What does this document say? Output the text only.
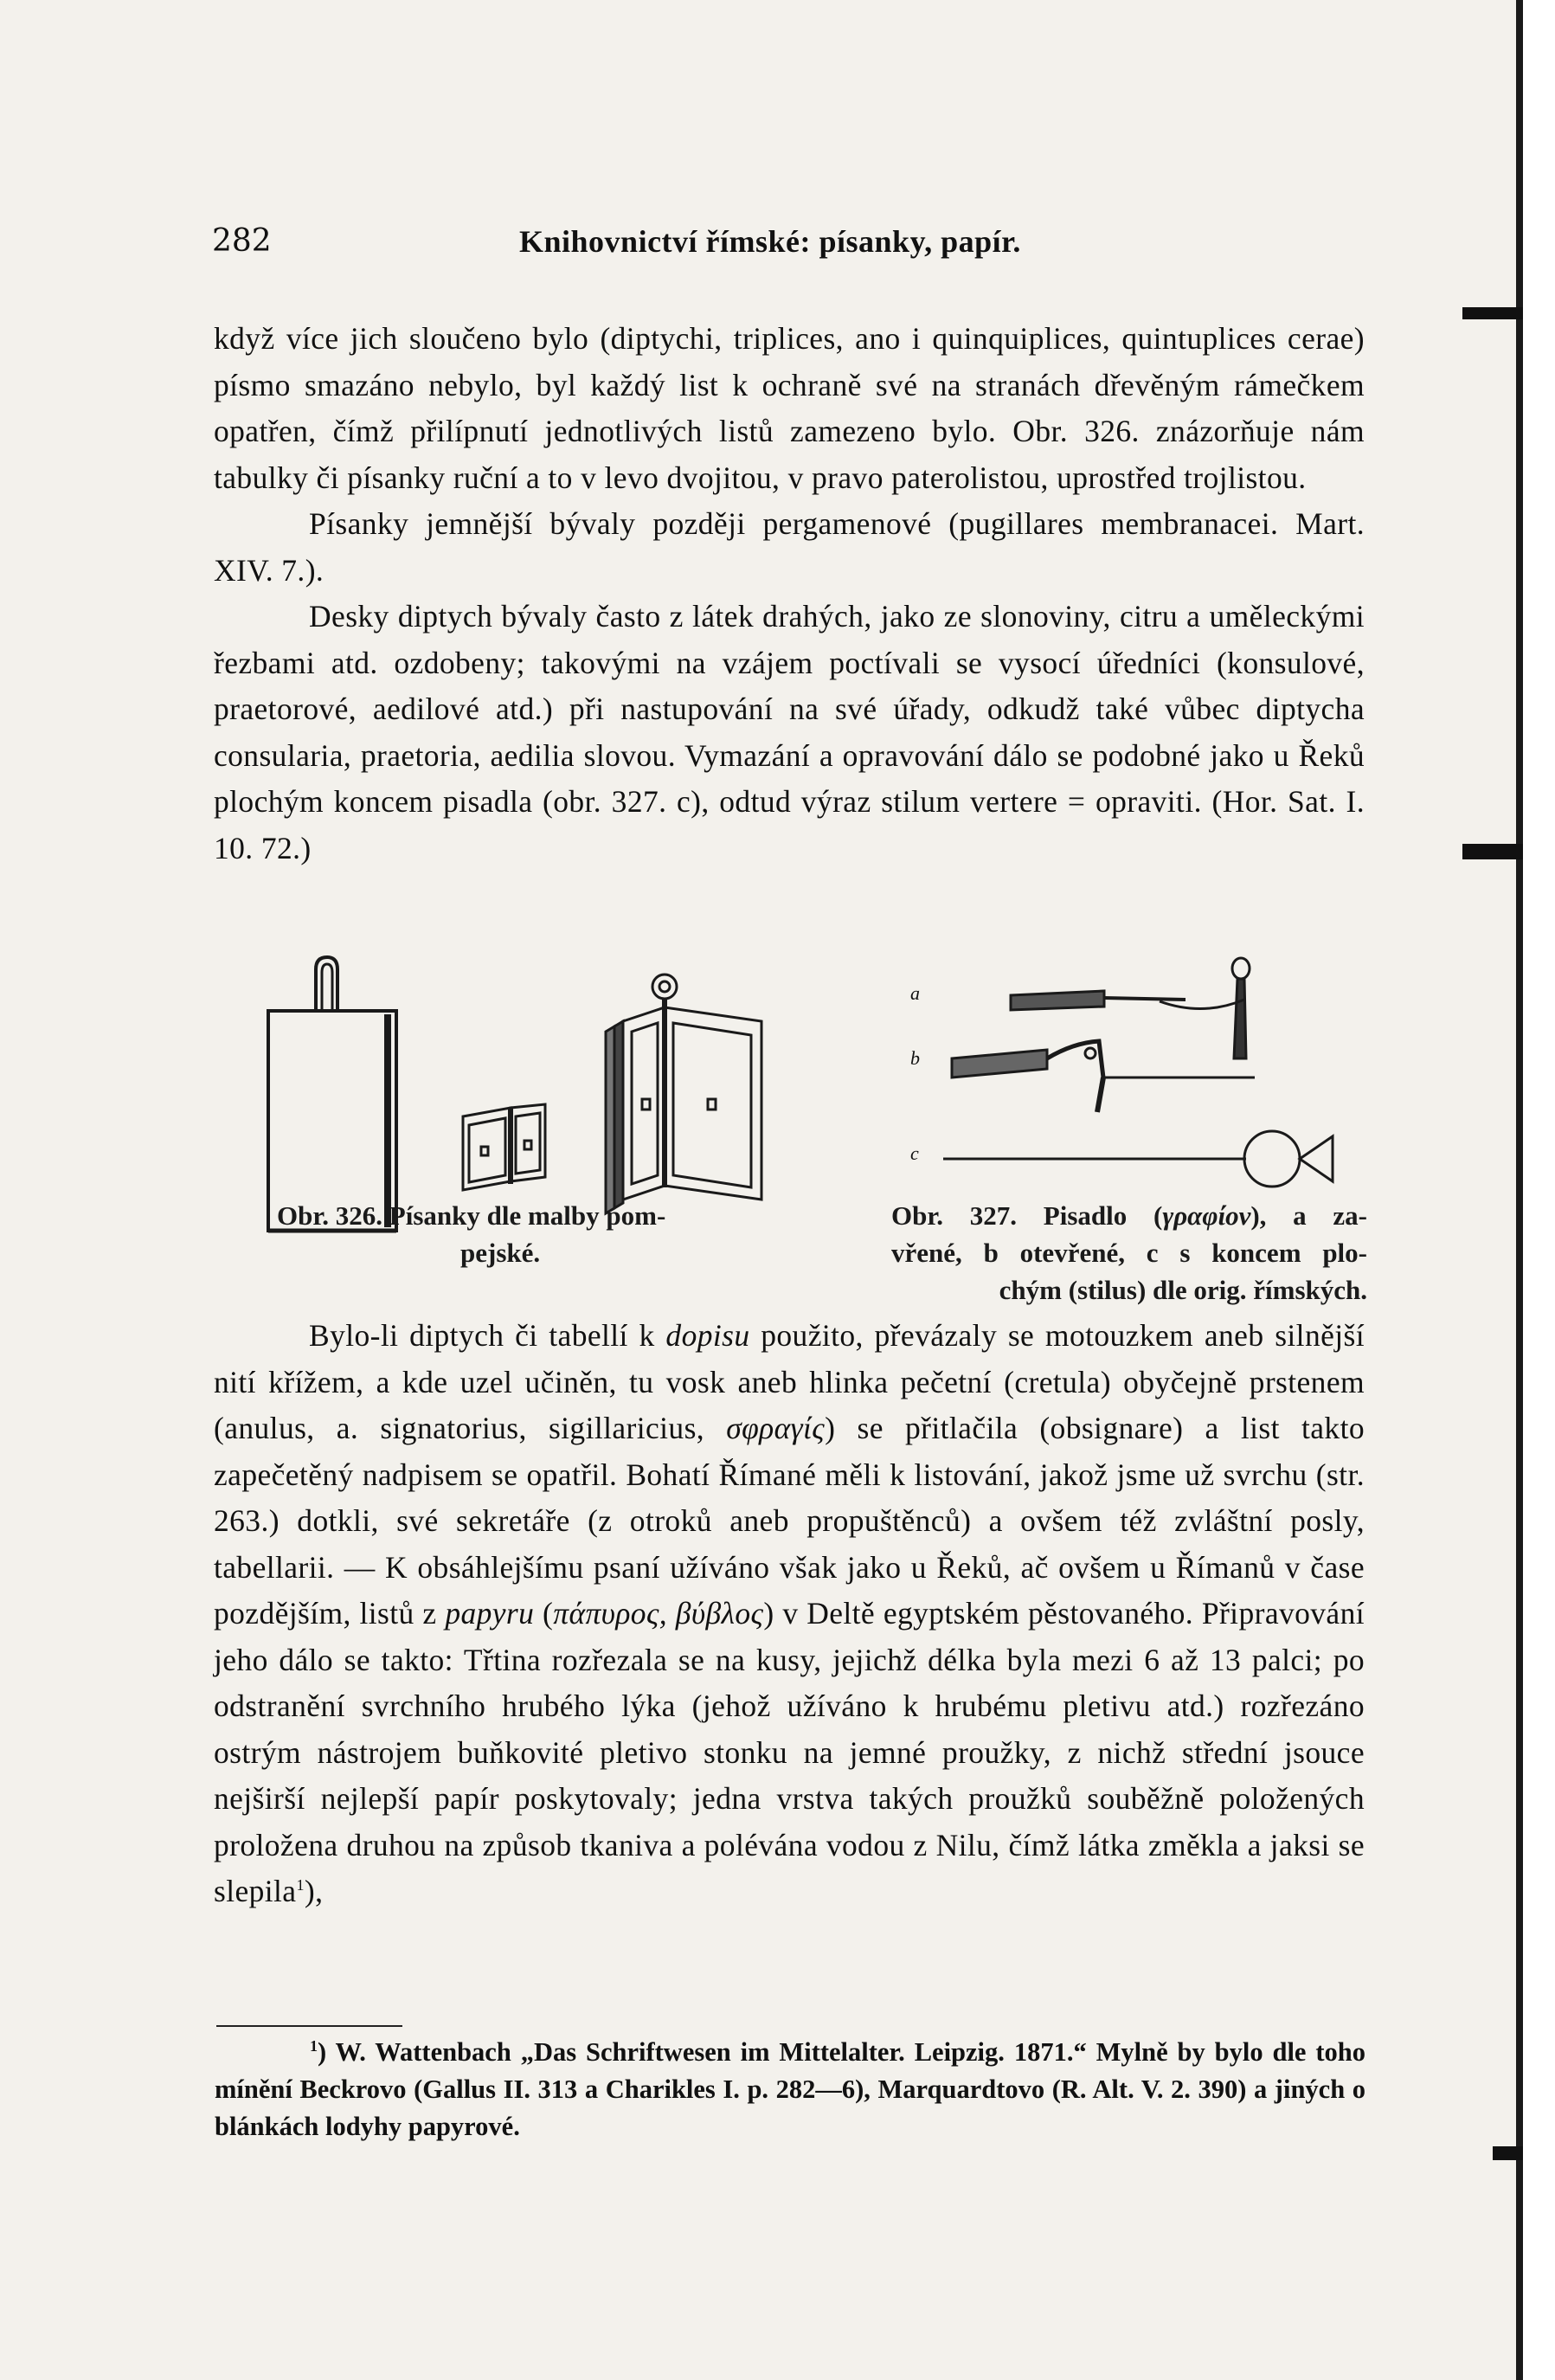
282	Knihovnictví římské: písanky, papír.

když více jich sloučeno bylo (diptychi, triplices, ano i quinquiplices, quintuplices cerae) písmo smazáno nebylo, byl každý list k ochraně své na stranách dřevěným rámečkem opatřen, čímž přilípnutí jednotlivých listů zamezeno bylo. Obr. 326. znázorňuje nám tabulky či písanky ruční a to v levo dvojitou, v pravo paterolistou, uprostřed trojlistou.

Písanky jemnější bývaly později pergamenové (pugillares membranacei. Mart. XIV. 7.).

Desky diptych bývaly často z látek drahých, jako ze slonoviny, citru a uměleckými řezbami atd. ozdobeny; takovými na vzájem poctívali se vysocí úředníci (konsulové, praetorové, aedilové atd.) při nastupování na své úřady, odkudž také vůbec diptycha consularia, praetoria, aedilia slovou. Vymazání a opravování dálo se podobné jako u Řeků plochým koncem pisadla (obr. 327. c), odtud výraz stilum vertere = opraviti. (Hor. Sat. I. 10. 72.)

a
b
c
Obr. 326. Písanky dle malby pom-
pejské.
Obr. 327. Pisadlo (γραφίον), a za-
vřené, b otevřené, c s koncem plo-
chým (stilus) dle orig. římských.

Bylo-li diptych či tabellí k dopisu použito, převázaly se motouzkem aneb silnější nití křížem, a kde uzel učiněn, tu vosk aneb hlinka pečetní (cretula) obyčejně prstenem (anulus, a. signatorius, sigillaricius, σφραγίς) se přitlačila (obsignare) a list takto zapečetěný nadpisem se opatřil. Bohatí Římané měli k listování, jakož jsme už svrchu (str. 263.) dotkli, své sekretáře (z otroků aneb propuštěnců) a ovšem též zvláštní posly, tabellarii. — K obsáhlejšímu psaní užíváno však jako u Řeků, ač ovšem u Římanů v čase pozdějším, listů z papyru (πάπυρος, βύβλος) v Deltě egyptském pěstovaného. Připravování jeho dálo se takto: Třtina rozřezala se na kusy, jejichž délka byla mezi 6 až 13 palci; po odstranění svrchního hrubého lýka (jehož užíváno k hrubému pletivu atd.) rozřezáno ostrým nástrojem buňkovité pletivo stonku na jemné proužky, z nichž střední jsouce nejširší nejlepší papír poskytovaly; jedna vrstva takých proužků souběžně položených proložena druhou na způsob tkaniva a polévána vodou z Nilu, čímž látka změkla a jaksi se slepila$^1$),

$^1$) W. Wattenbach „Das Schriftwesen im Mittelalter. Leipzig. 1871.“ Mylně by bylo dle toho mínění Beckrovo (Gallus II. 313 a Charikles I. p. 282—6), Marquardtovo (R. Alt. V. 2. 390) a jiných o blánkách lodyhy papyrové.
